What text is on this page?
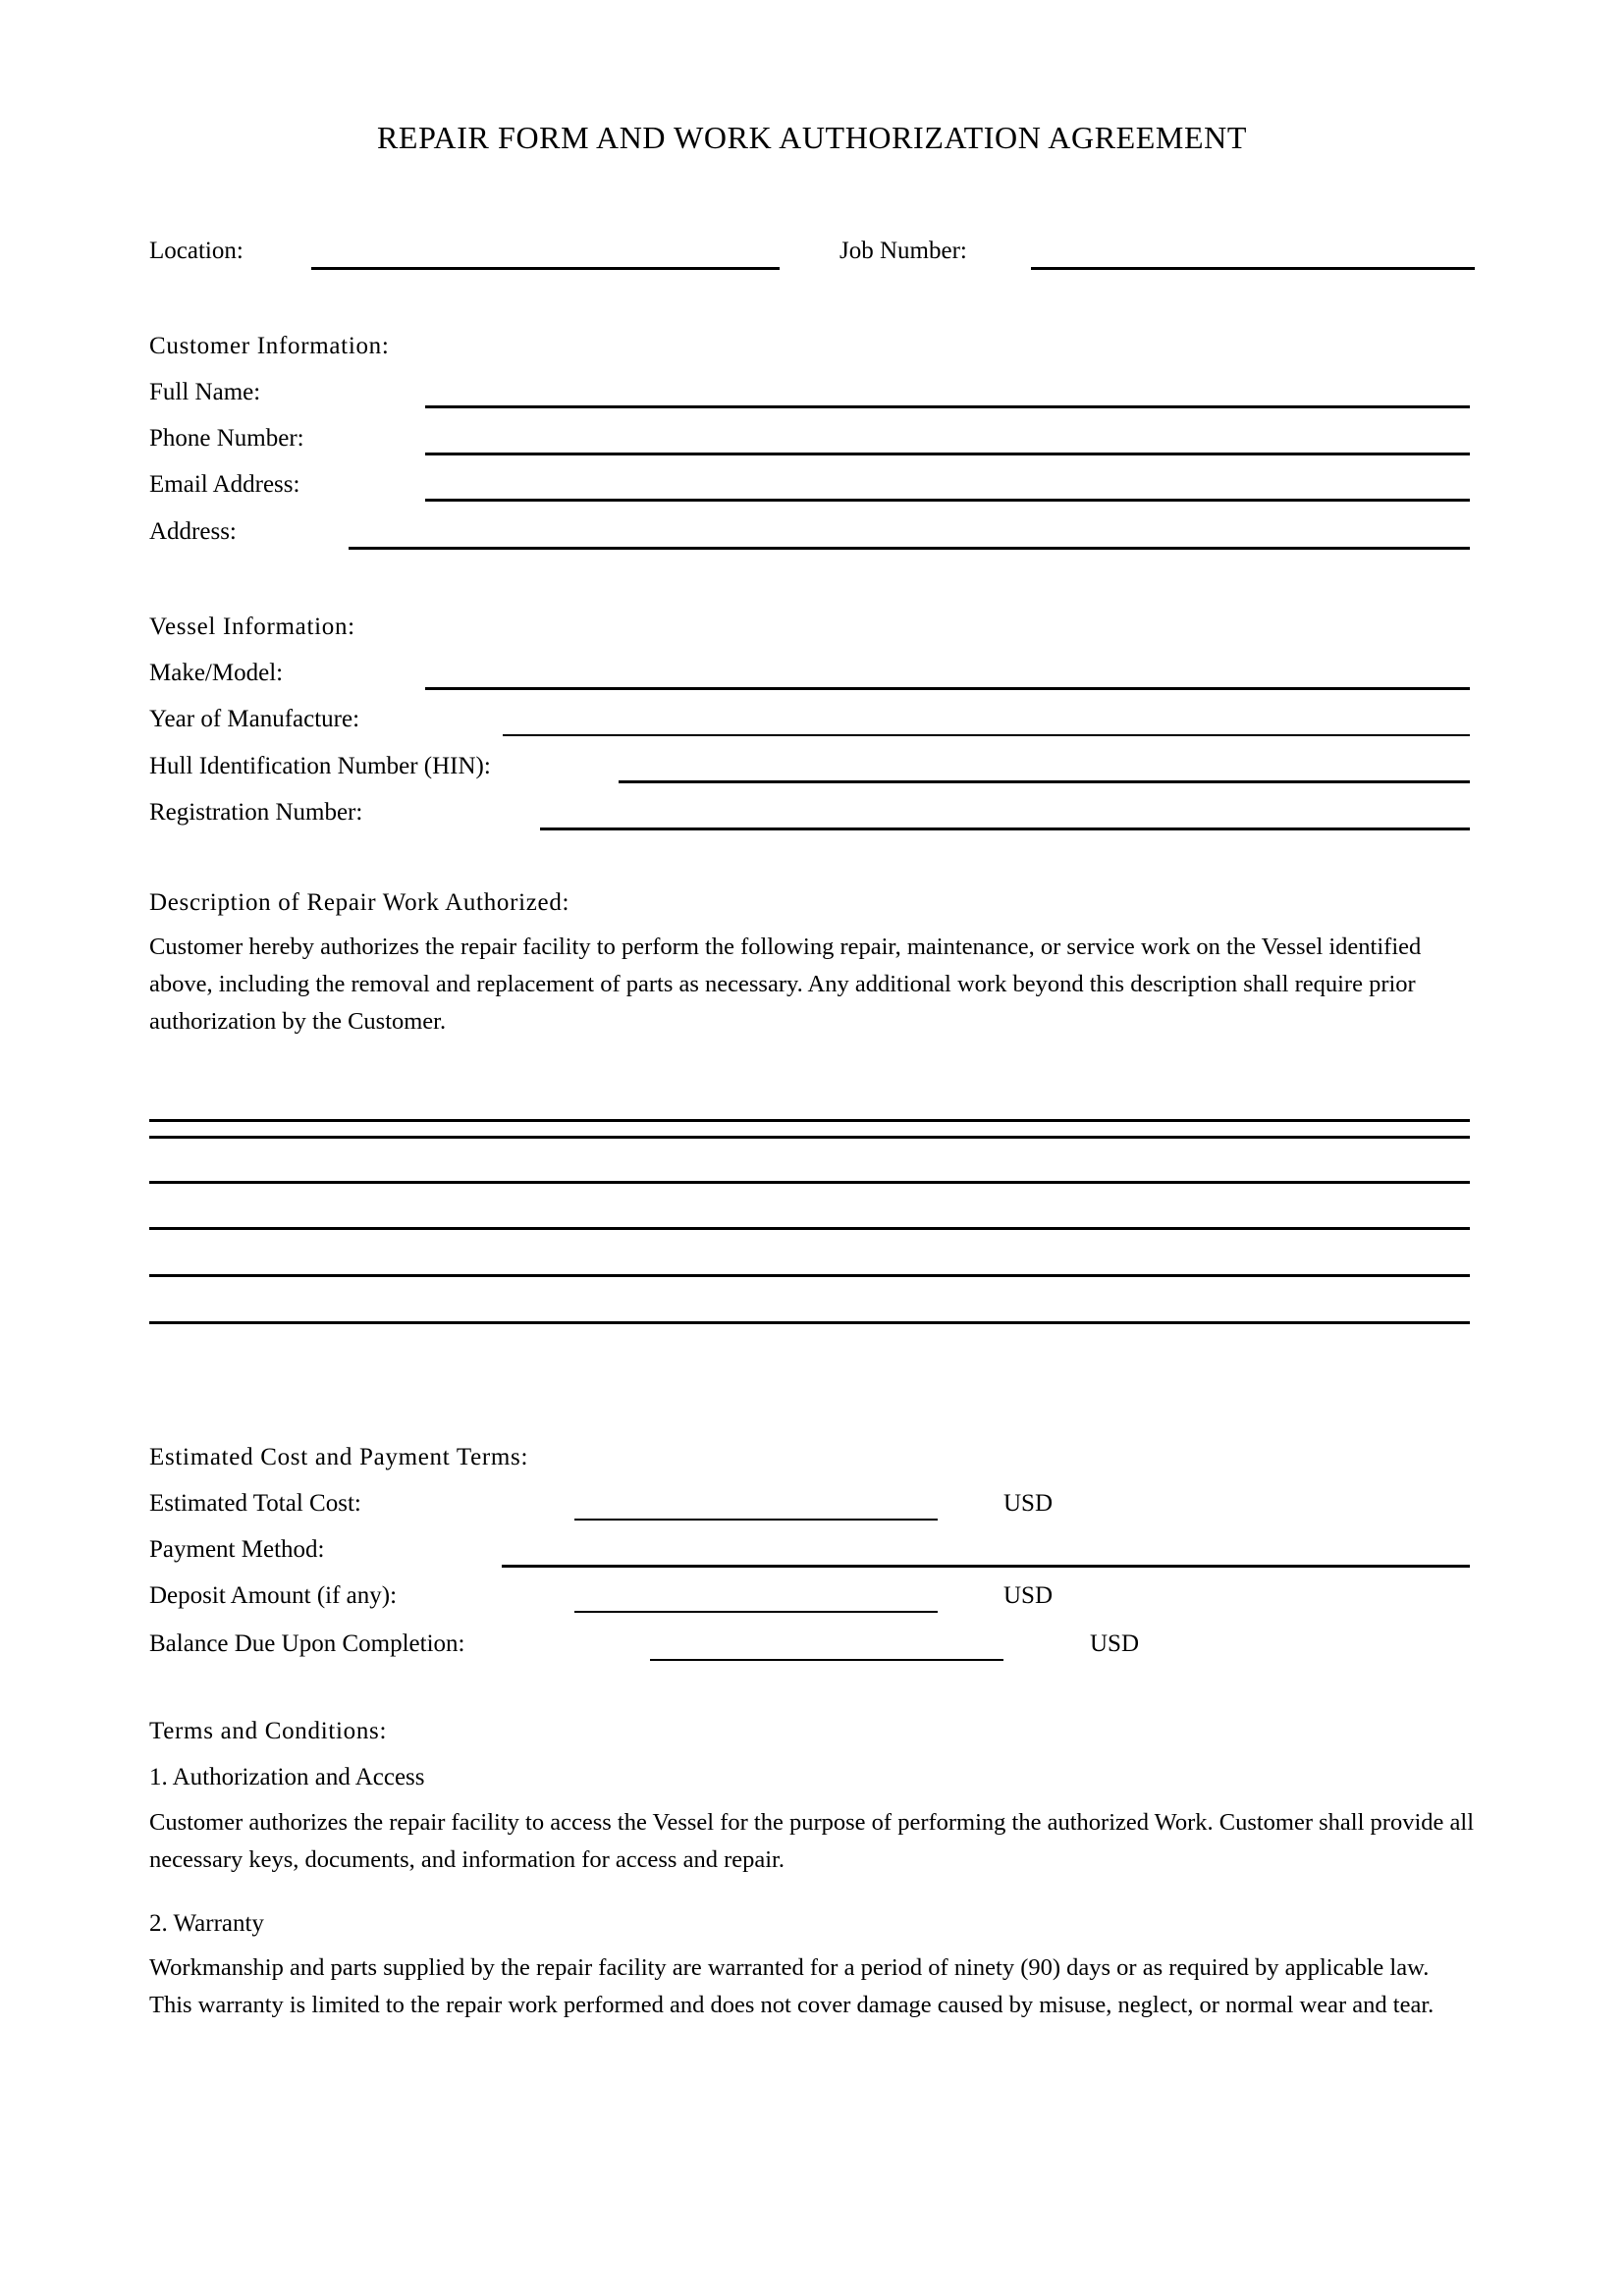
REPAIR FORM AND WORK AUTHORIZATION AGREEMENT
Location:	Job Number:
Customer Information:
Full Name:
Phone Number:
Email Address:
Address:
Vessel Information:
Make/Model:
Year of Manufacture:
Hull Identification Number (HIN):
Registration Number:
Description of Repair Work Authorized:
Customer hereby authorizes the repair facility to perform the following repair, maintenance, or service work on the Vessel identified above, including the removal and replacement of parts as necessary. Any additional work beyond this description shall require prior authorization by the Customer.
Estimated Cost and Payment Terms:
Estimated Total Cost:	USD
Payment Method:
Deposit Amount (if any):	USD
Balance Due Upon Completion:	USD
Terms and Conditions:
1. Authorization and Access
Customer authorizes the repair facility to access the Vessel for the purpose of performing the authorized Work. Customer shall provide all necessary keys, documents, and information for access and repair.
2. Warranty
Workmanship and parts supplied by the repair facility are warranted for a period of ninety (90) days or as required by applicable law. This warranty is limited to the repair work performed and does not cover damage caused by misuse, neglect, or normal wear and tear.
